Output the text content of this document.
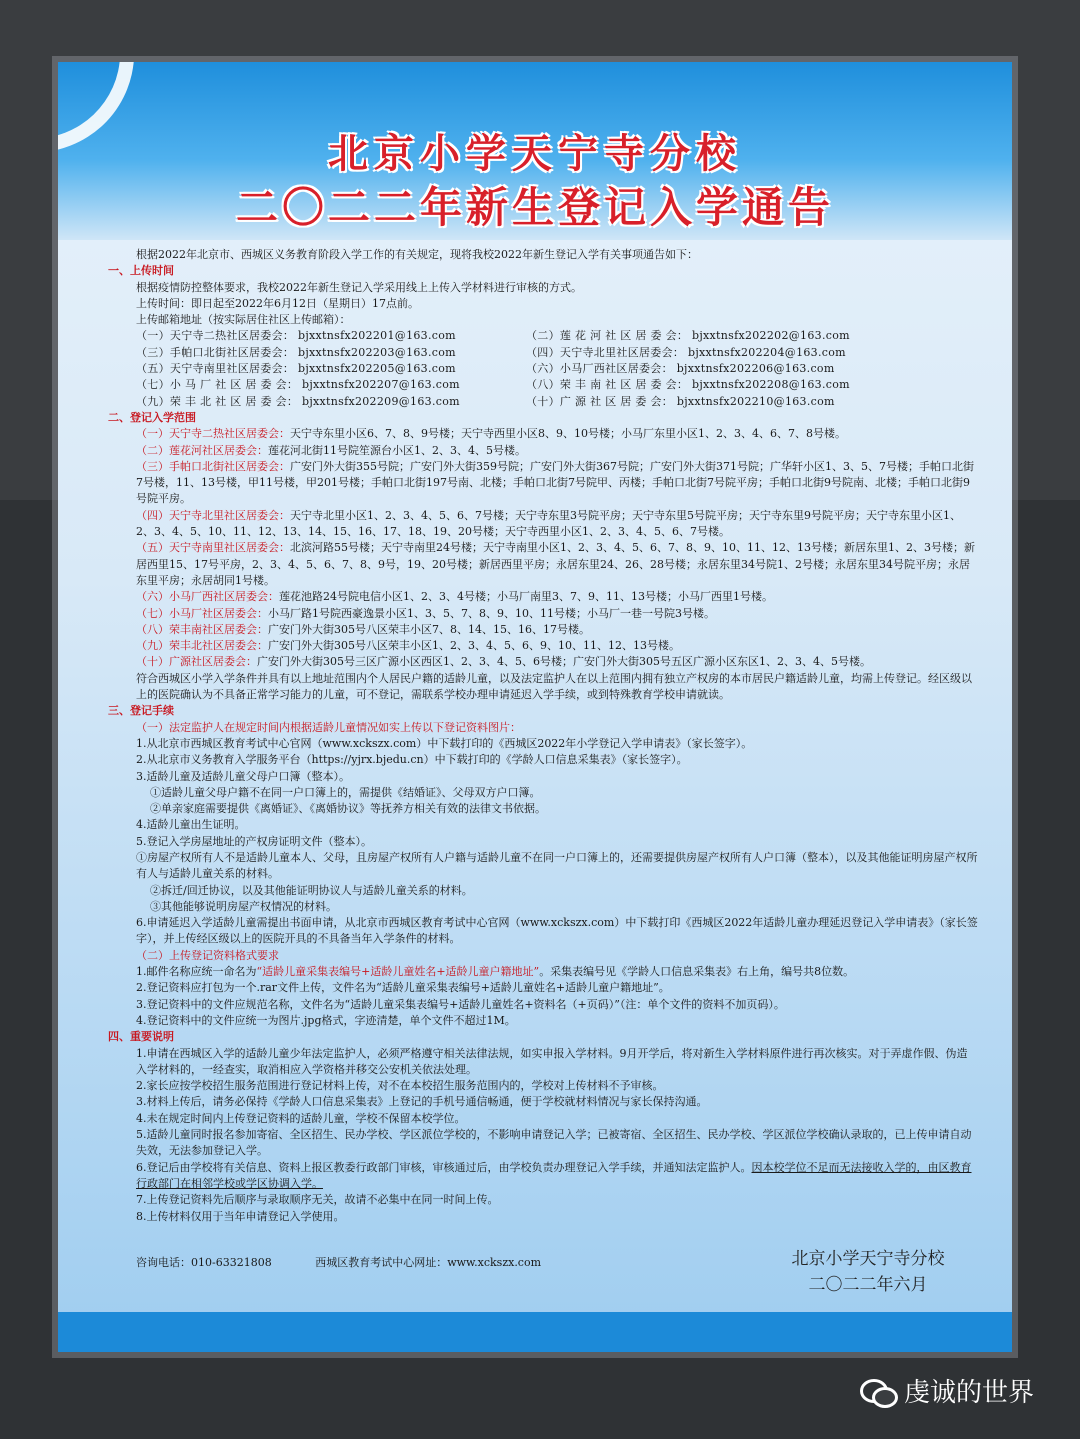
北京小学天宁寺分校
二〇二二年新生登记入学通告

根据2022年北京市、西城区义务教育阶段入学工作的有关规定，现将我校2022年新生登记入学有关事项通告如下：

一、上传时间

根据疫情防控整体要求，我校2022年新生登记入学采用线上上传入学材料进行审核的方式。

上传时间：即日起至2022年6月12日（星期日）17点前。

上传邮箱地址（按实际居住社区上传邮箱）：

（一）天宁寺二热社区居委会： bjxxtnsfx202201@163.com	（二）莲 花 河 社 区 居 委 会： bjxxtnsfx202202@163.com
（三）手帕口北街社区居委会： bjxxtnsfx202203@163.com	（四）天宁寺北里社区居委会： bjxxtnsfx202204@163.com
（五）天宁寺南里社区居委会： bjxxtnsfx202205@163.com	（六）小马厂西社区居委会： bjxxtnsfx202206@163.com
（七）小 马 厂 社 区 居 委 会： bjxxtnsfx202207@163.com	（八）荣 丰 南 社 区 居 委 会： bjxxtnsfx202208@163.com
（九）荣 丰 北 社 区 居 委 会： bjxxtnsfx202209@163.com	（十）广 源 社 区 居 委 会： bjxxtnsfx202210@163.com

二、登记入学范围

（一）天宁寺二热社区居委会：天宁寺东里小区6、7、8、9号楼；天宁寺西里小区8、9、10号楼；小马厂东里小区1、2、3、4、6、7、8号楼。

（二）莲花河社区居委会：莲花河北街11号院笙源台小区1、2、3、4、5号楼。

（三）手帕口北街社区居委会：广安门外大街355号院；广安门外大街359号院；广安门外大街367号院；广安门外大街371号院；广华轩小区1、3、5、7号楼；手帕口北街7号楼，11、13号楼，甲11号楼，甲201号楼；手帕口北街197号南、北楼；手帕口北街7号院甲、丙楼；手帕口北街7号院平房；手帕口北街9号院南、北楼；手帕口北街9号院平房。

（四）天宁寺北里社区居委会：天宁寺北里小区1、2、3、4、5、6、7号楼；天宁寺东里3号院平房；天宁寺东里5号院平房；天宁寺东里9号院平房；天宁寺东里小区1、2、3、4、5、10、11、12、13、14、15、16、17、18、19、20号楼；天宁寺西里小区1、2、3、4、5、6、7号楼。

（五）天宁寺南里社区居委会：北滨河路55号楼；天宁寺南里24号楼；天宁寺南里小区1、2、3、4、5、6、7、8、9、10、11、12、13号楼；新居东里1、2、3号楼；新居西里15、17号平房，2、3、4、5、6、7、8、9号，19、20号楼；新居西里平房；永居东里24、26、28号楼；永居东里34号院1、2号楼；永居东里34号院平房；永居东里平房；永居胡同1号楼。

（六）小马厂西社区居委会：莲花池路24号院电信小区1、2、3、4号楼；小马厂南里3、7、9、11、13号楼；小马厂西里1号楼。

（七）小马厂社区居委会：小马厂路1号院西豪逸景小区1、3、5、7、8、9、10、11号楼；小马厂一巷一号院3号楼。

（八）荣丰南社区居委会：广安门外大街305号八区荣丰小区7、8、14、15、16、17号楼。

（九）荣丰北社区居委会：广安门外大街305号八区荣丰小区1、2、3、4、5、6、9、10、11、12、13号楼。

（十）广源社区居委会：广安门外大街305号三区广源小区西区1、2、3、4、5、6号楼；广安门外大街305号五区广源小区东区1、2、3、4、5号楼。

符合西城区小学入学条件并具有以上地址范围内个人居民户籍的适龄儿童，以及法定监护人在以上范围内拥有独立产权房的本市居民户籍适龄儿童，均需上传登记。经区级以上的医院确认为不具备正常学习能力的儿童，可不登记，需联系学校办理申请延迟入学手续，或到特殊教育学校申请就读。

三、登记手续

（一）法定监护人在规定时间内根据适龄儿童情况如实上传以下登记资料图片：

1.从北京市西城区教育考试中心官网（www.xckszx.com）中下载打印的《西城区2022年小学登记入学申请表》（家长签字）。

2.从北京市义务教育入学服务平台（https://yjrx.bjedu.cn）中下载打印的《学龄人口信息采集表》（家长签字）。

3.适龄儿童及适龄儿童父母户口簿（整本）。

①适龄儿童父母户籍不在同一户口簿上的，需提供《结婚证》、父母双方户口簿。

②单亲家庭需要提供《离婚证》、《离婚协议》等抚养方相关有效的法律文书依据。

4.适龄儿童出生证明。

5.登记入学房屋地址的产权房证明文件（整本）。

①房屋产权所有人不是适龄儿童本人、父母，且房屋产权所有人户籍与适龄儿童不在同一户口簿上的，还需要提供房屋产权所有人户口簿（整本），以及其他能证明房屋产权所有人与适龄儿童关系的材料。

②拆迁/回迁协议，以及其他能证明协议人与适龄儿童关系的材料。

③其他能够说明房屋产权情况的材料。

6.申请延迟入学适龄儿童需提出书面申请，从北京市西城区教育考试中心官网（www.xckszx.com）中下载打印《西城区2022年适龄儿童办理延迟登记入学申请表》（家长签字），并上传经区级以上的医院开具的不具备当年入学条件的材料。

（二）上传登记资料格式要求

1.邮件名称应统一命名为“适龄儿童采集表编号+适龄儿童姓名+适龄儿童户籍地址”。采集表编号见《学龄人口信息采集表》右上角，编号共8位数。

2.登记资料应打包为一个.rar文件上传，文件名为“适龄儿童采集表编号+适龄儿童姓名+适龄儿童户籍地址”。

3.登记资料中的文件应规范名称，文件名为“适龄儿童采集表编号+适龄儿童姓名+资料名（+页码）”（注：单个文件的资料不加页码）。

4.登记资料中的文件应统一为图片.jpg格式，字迹清楚，单个文件不超过1M。

四、重要说明

1.申请在西城区入学的适龄儿童少年法定监护人，必须严格遵守相关法律法规，如实申报入学材料。9月开学后，将对新生入学材料原件进行再次核实。对于弄虚作假、伪造入学材料的，一经查实，取消相应入学资格并移交公安机关依法处理。

2.家长应按学校招生服务范围进行登记材料上传，对不在本校招生服务范围内的，学校对上传材料不予审核。

3.材料上传后，请务必保持《学龄人口信息采集表》上登记的手机号通信畅通，便于学校就材料情况与家长保持沟通。

4.未在规定时间内上传登记资料的适龄儿童，学校不保留本校学位。

5.适龄儿童同时报名参加寄宿、全区招生、民办学校、学区派位学校的，不影响申请登记入学；已被寄宿、全区招生、民办学校、学区派位学校确认录取的，已上传申请自动失效，无法参加登记入学。

6.登记后由学校将有关信息、资料上报区教委行政部门审核，审核通过后，由学校负责办理登记入学手续，并通知法定监护人。因本校学位不足而无法接收入学的，由区教育行政部门在相邻学校或学区协调入学。

7.上传登记资料先后顺序与录取顺序无关，故请不必集中在同一时间上传。

8.上传材料仅用于当年申请登记入学使用。

咨询电话：010-63321808	西城区教育考试中心网址：www.xckszx.com	北京小学天宁寺分校
二〇二二年六月
虔诚的世界
